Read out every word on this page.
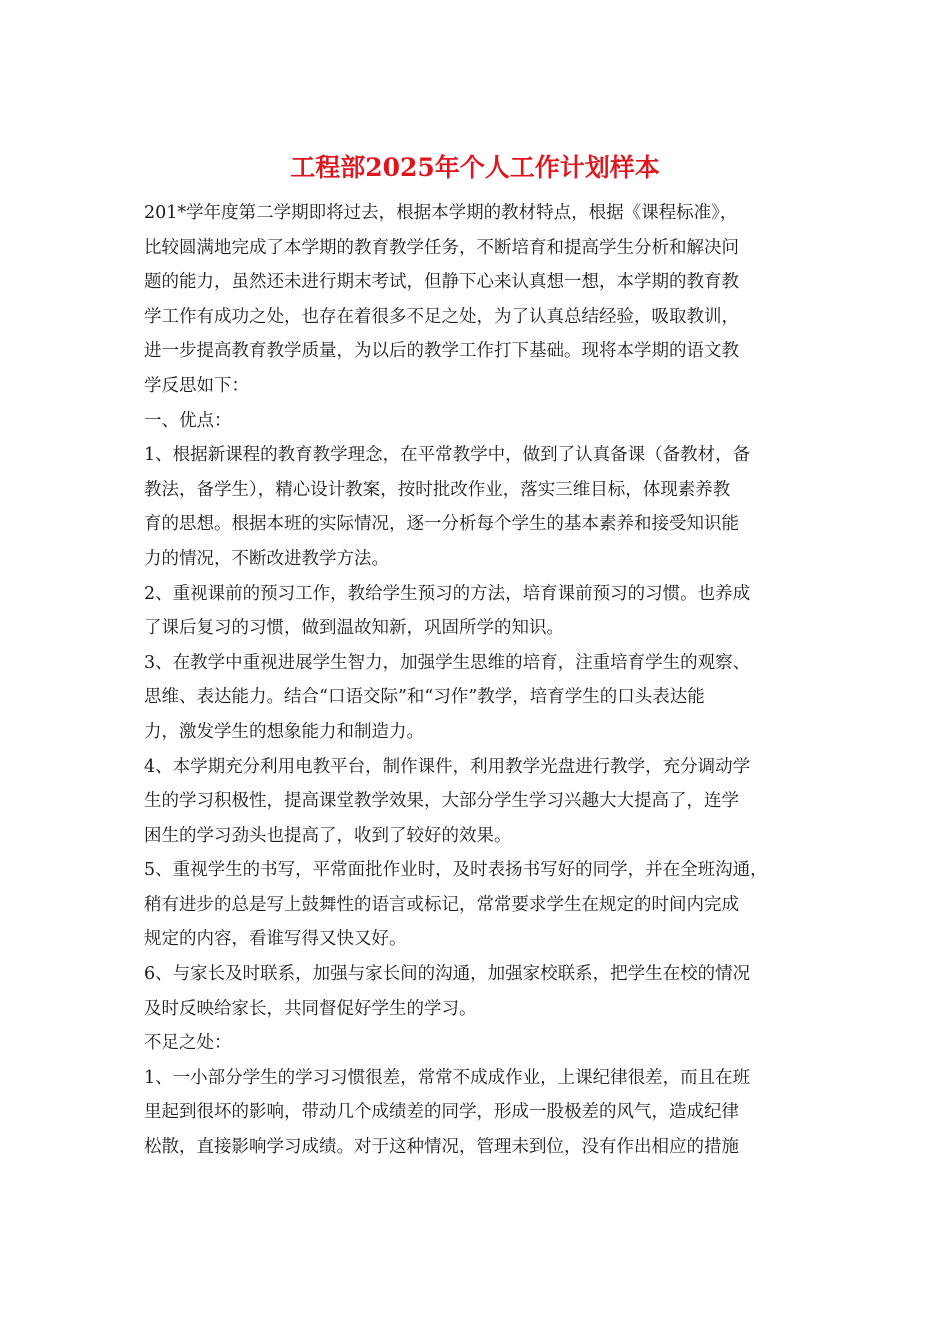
工程部2025年个人工作计划样本

201*学年度第二学期即将过去，根据本学期的教材特点，根据《课程标准》，

比较圆满地完成了本学期的教育教学任务，不断培育和提高学生分析和解决问

题的能力，虽然还未进行期末考试，但静下心来认真想一想，本学期的教育教

学工作有成功之处，也存在着很多不足之处，为了认真总结经验，吸取教训，

进一步提高教育教学质量，为以后的教学工作打下基础。现将本学期的语文教

学反思如下：

一、优点：

1、根据新课程的教育教学理念，在平常教学中，做到了认真备课（备教材，备

教法，备学生），精心设计教案，按时批改作业，落实三维目标，体现素养教

育的思想。根据本班的实际情况，逐一分析每个学生的基本素养和接受知识能

力的情况，不断改进教学方法。

2、重视课前的预习工作，教给学生预习的方法，培育课前预习的习惯。也养成

了课后复习的习惯，做到温故知新，巩固所学的知识。

3、在教学中重视进展学生智力，加强学生思维的培育，注重培育学生的观察、

思维、表达能力。结合“口语交际”和“习作”教学，培育学生的口头表达能

力，激发学生的想象能力和制造力。

4、本学期充分利用电教平台，制作课件，利用教学光盘进行教学，充分调动学

生的学习积极性，提高课堂教学效果，大部分学生学习兴趣大大提高了，连学

困生的学习劲头也提高了，收到了较好的效果。

5、重视学生的书写，平常面批作业时，及时表扬书写好的同学，并在全班沟通，

稍有进步的总是写上鼓舞性的语言或标记，常常要求学生在规定的时间内完成

规定的内容，看谁写得又快又好。

6、与家长及时联系，加强与家长间的沟通，加强家校联系，把学生在校的情况

及时反映给家长，共同督促好学生的学习。

不足之处：

1、一小部分学生的学习习惯很差，常常不成成作业，上课纪律很差，而且在班

里起到很坏的影响，带动几个成绩差的同学，形成一股极差的风气，造成纪律

松散，直接影响学习成绩。对于这种情况，管理未到位，没有作出相应的措施
